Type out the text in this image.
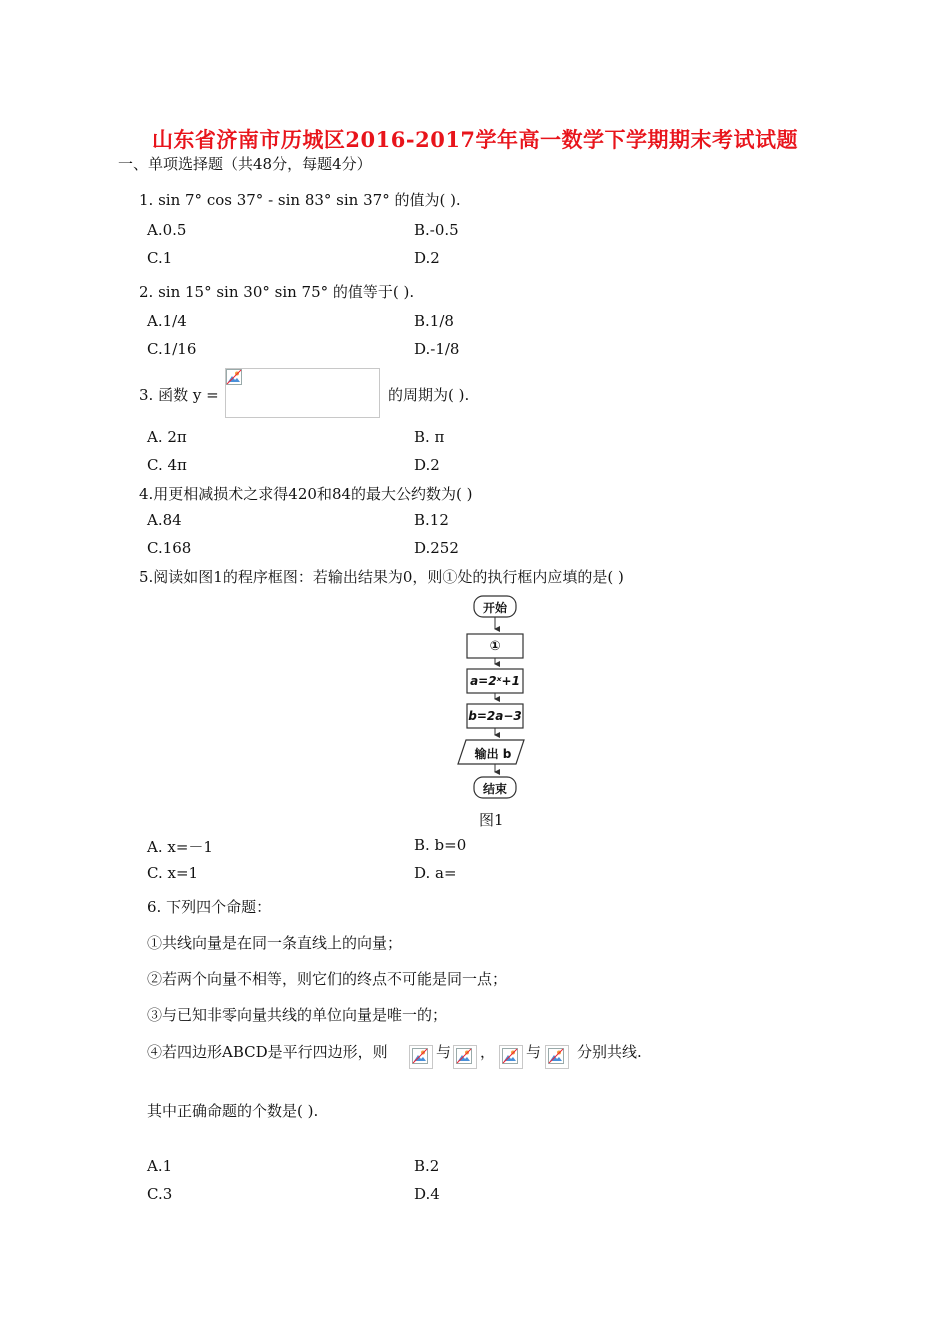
山东省济南市历城区2016-2017学年高一数学下学期期末考试试题
一、单项选择题（共48分，每题4分）
1. sin 7° cos 37° - sin 83° sin 37° 的值为( ).
A.0.5	B.-0.5
C.1	D.2
2. sin 15° sin 30° sin 75° 的值等于( ).
A.1/4	B.1/8
C.1/16	D.-1/8
3. 函数 y =	的周期为( ).
A. 2π	B. π
C. 4π	D.2
4.用更相减损术之求得420和84的最大公约数为( )
A.84	B.12
C.168	D.252
5.阅读如图1的程序框图：若输出结果为0，则①处的执行框内应填的是( )
开始
①
a=2ˣ+1
b=2a−3
输出 b
结束
图1
A. x=－1	B. b=0
C. x=1	D. a=
6. 下列四个命题：
①共线向量是在同一条直线上的向量；
②若两个向量不相等，则它们的终点不可能是同一点；
③与已知非零向量共线的单位向量是唯一的；
④若四边形ABCD是平行四边形，则	与 ， 与 分别共线.
其中正确命题的个数是( ).
A.1	B.2
C.3	D.4
